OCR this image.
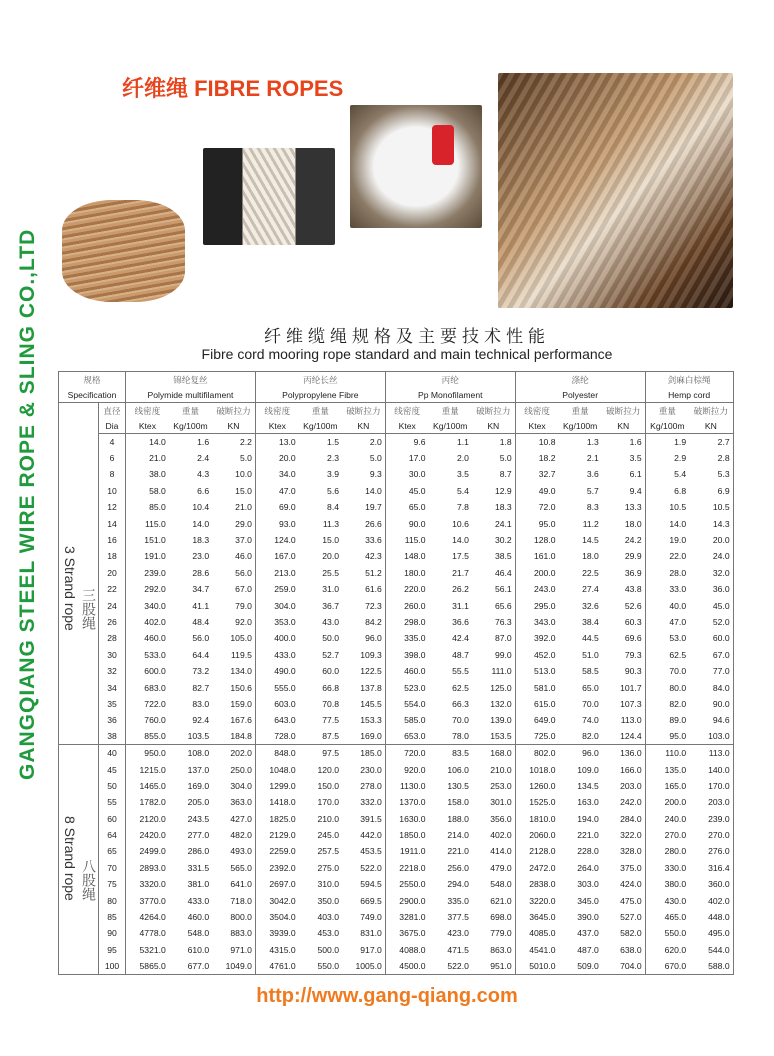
GANGQIANG STEEL WIRE ROPE & SLING CO.,LTD
纤维绳 FIBRE ROPES
纤维缆绳规格及主要技术性能
Fibre cord mooring rope standard and main technical performance
规格		锦纶复丝			丙纶长丝			丙纶			涤纶			剑麻白棕绳	
Specification		Polymide multifilament			Polypropylene Fibre			Pp Monofilament			Polyester			Hemp cord	
	直径	线密度	重量	破断拉力	线密度	重量	破断拉力	线密度	重量	破断拉力	线密度	重量	破断拉力	重量	破断拉力
	Dia	Ktex	Kg/100m	KN	Ktex	Kg/100m	KN	Ktex	Kg/100m	KN	Ktex	Kg/100m	KN	Kg/100m	KN
3 Strand rope 三股绳	4	14.0	1.6	2.2	13.0	1.5	2.0	9.6	1.1	1.8	10.8	1.3	1.6	1.9	2.7
	6	21.0	2.4	5.0	20.0	2.3	5.0	17.0	2.0	5.0	18.2	2.1	3.5	2.9	2.8
	8	38.0	4.3	10.0	34.0	3.9	9.3	30.0	3.5	8.7	32.7	3.6	6.1	5.4	5.3
	10	58.0	6.6	15.0	47.0	5.6	14.0	45.0	5.4	12.9	49.0	5.7	9.4	6.8	6.9
	12	85.0	10.4	21.0	69.0	8.4	19.7	65.0	7.8	18.3	72.0	8.3	13.3	10.5	10.5
	14	115.0	14.0	29.0	93.0	11.3	26.6	90.0	10.6	24.1	95.0	11.2	18.0	14.0	14.3
	16	151.0	18.3	37.0	124.0	15.0	33.6	115.0	14.0	30.2	128.0	14.5	24.2	19.0	20.0
	18	191.0	23.0	46.0	167.0	20.0	42.3	148.0	17.5	38.5	161.0	18.0	29.9	22.0	24.0
	20	239.0	28.6	56.0	213.0	25.5	51.2	180.0	21.7	46.4	200.0	22.5	36.9	28.0	32.0
	22	292.0	34.7	67.0	259.0	31.0	61.6	220.0	26.2	56.1	243.0	27.4	43.8	33.0	36.0
	24	340.0	41.1	79.0	304.0	36.7	72.3	260.0	31.1	65.6	295.0	32.6	52.6	40.0	45.0
	26	402.0	48.4	92.0	353.0	43.0	84.2	298.0	36.6	76.3	343.0	38.4	60.3	47.0	52.0
	28	460.0	56.0	105.0	400.0	50.0	96.0	335.0	42.4	87.0	392.0	44.5	69.6	53.0	60.0
	30	533.0	64.4	119.5	433.0	52.7	109.3	398.0	48.7	99.0	452.0	51.0	79.3	62.5	67.0
	32	600.0	73.2	134.0	490.0	60.0	122.5	460.0	55.5	111.0	513.0	58.5	90.3	70.0	77.0
	34	683.0	82.7	150.6	555.0	66.8	137.8	523.0	62.5	125.0	581.0	65.0	101.7	80.0	84.0
	35	722.0	83.0	159.0	603.0	70.8	145.5	554.0	66.3	132.0	615.0	70.0	107.3	82.0	90.0
	36	760.0	92.4	167.6	643.0	77.5	153.3	585.0	70.0	139.0	649.0	74.0	113.0	89.0	94.6
	38	855.0	103.5	184.8	728.0	87.5	169.0	653.0	78.0	153.5	725.0	82.0	124.4	95.0	103.0
8 Strand rope 八股绳	40	950.0	108.0	202.0	848.0	97.5	185.0	720.0	83.5	168.0	802.0	96.0	136.0	110.0	113.0
	45	1215.0	137.0	250.0	1048.0	120.0	230.0	920.0	106.0	210.0	1018.0	109.0	166.0	135.0	140.0
	50	1465.0	169.0	304.0	1299.0	150.0	278.0	1130.0	130.5	253.0	1260.0	134.5	203.0	165.0	170.0
	55	1782.0	205.0	363.0	1418.0	170.0	332.0	1370.0	158.0	301.0	1525.0	163.0	242.0	200.0	203.0
	60	2120.0	243.5	427.0	1825.0	210.0	391.5	1630.0	188.0	356.0	1810.0	194.0	284.0	240.0	239.0
	64	2420.0	277.0	482.0	2129.0	245.0	442.0	1850.0	214.0	402.0	2060.0	221.0	322.0	270.0	270.0
	65	2499.0	286.0	493.0	2259.0	257.5	453.5	1911.0	221.0	414.0	2128.0	228.0	328.0	280.0	276.0
	70	2893.0	331.5	565.0	2392.0	275.0	522.0	2218.0	256.0	479.0	2472.0	264.0	375.0	330.0	316.4
	75	3320.0	381.0	641.0	2697.0	310.0	594.5	2550.0	294.0	548.0	2838.0	303.0	424.0	380.0	360.0
	80	3770.0	433.0	718.0	3042.0	350.0	669.5	2900.0	335.0	621.0	3220.0	345.0	475.0	430.0	402.0
	85	4264.0	460.0	800.0	3504.0	403.0	749.0	3281.0	377.5	698.0	3645.0	390.0	527.0	465.0	448.0
	90	4778.0	548.0	883.0	3939.0	453.0	831.0	3675.0	423.0	779.0	4085.0	437.0	582.0	550.0	495.0
	95	5321.0	610.0	971.0	4315.0	500.0	917.0	4088.0	471.5	863.0	4541.0	487.0	638.0	620.0	544.0
	100	5865.0	677.0	1049.0	4761.0	550.0	1005.0	4500.0	522.0	951.0	5010.0	509.0	704.0	670.0	588.0
http://www.gang-qiang.com
